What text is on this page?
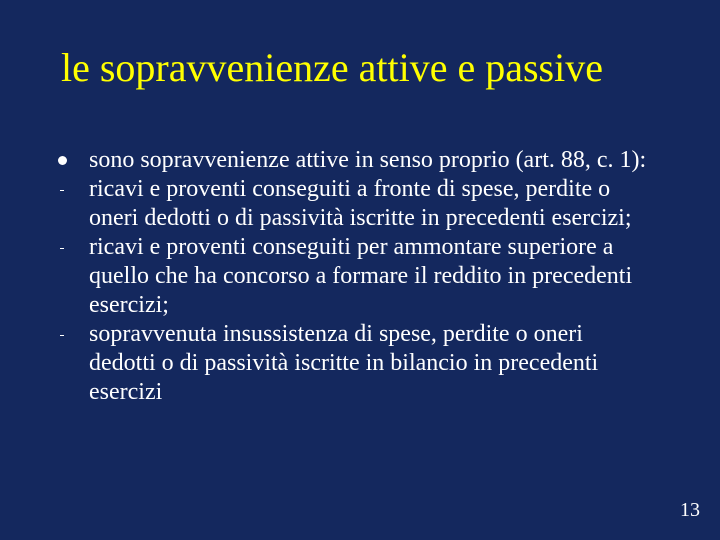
le sopravvenienze attive e passive
sono sopravvenienze attive in senso proprio (art. 88, c. 1):
ricavi e proventi conseguiti a fronte di spese, perdite o oneri dedotti o di passività iscritte in precedenti esercizi;
ricavi e proventi conseguiti per ammontare superiore a quello che ha concorso a formare il reddito in precedenti esercizi;
sopravvenuta insussistenza di spese, perdite o oneri dedotti o di passività iscritte in bilancio in precedenti esercizi
13
